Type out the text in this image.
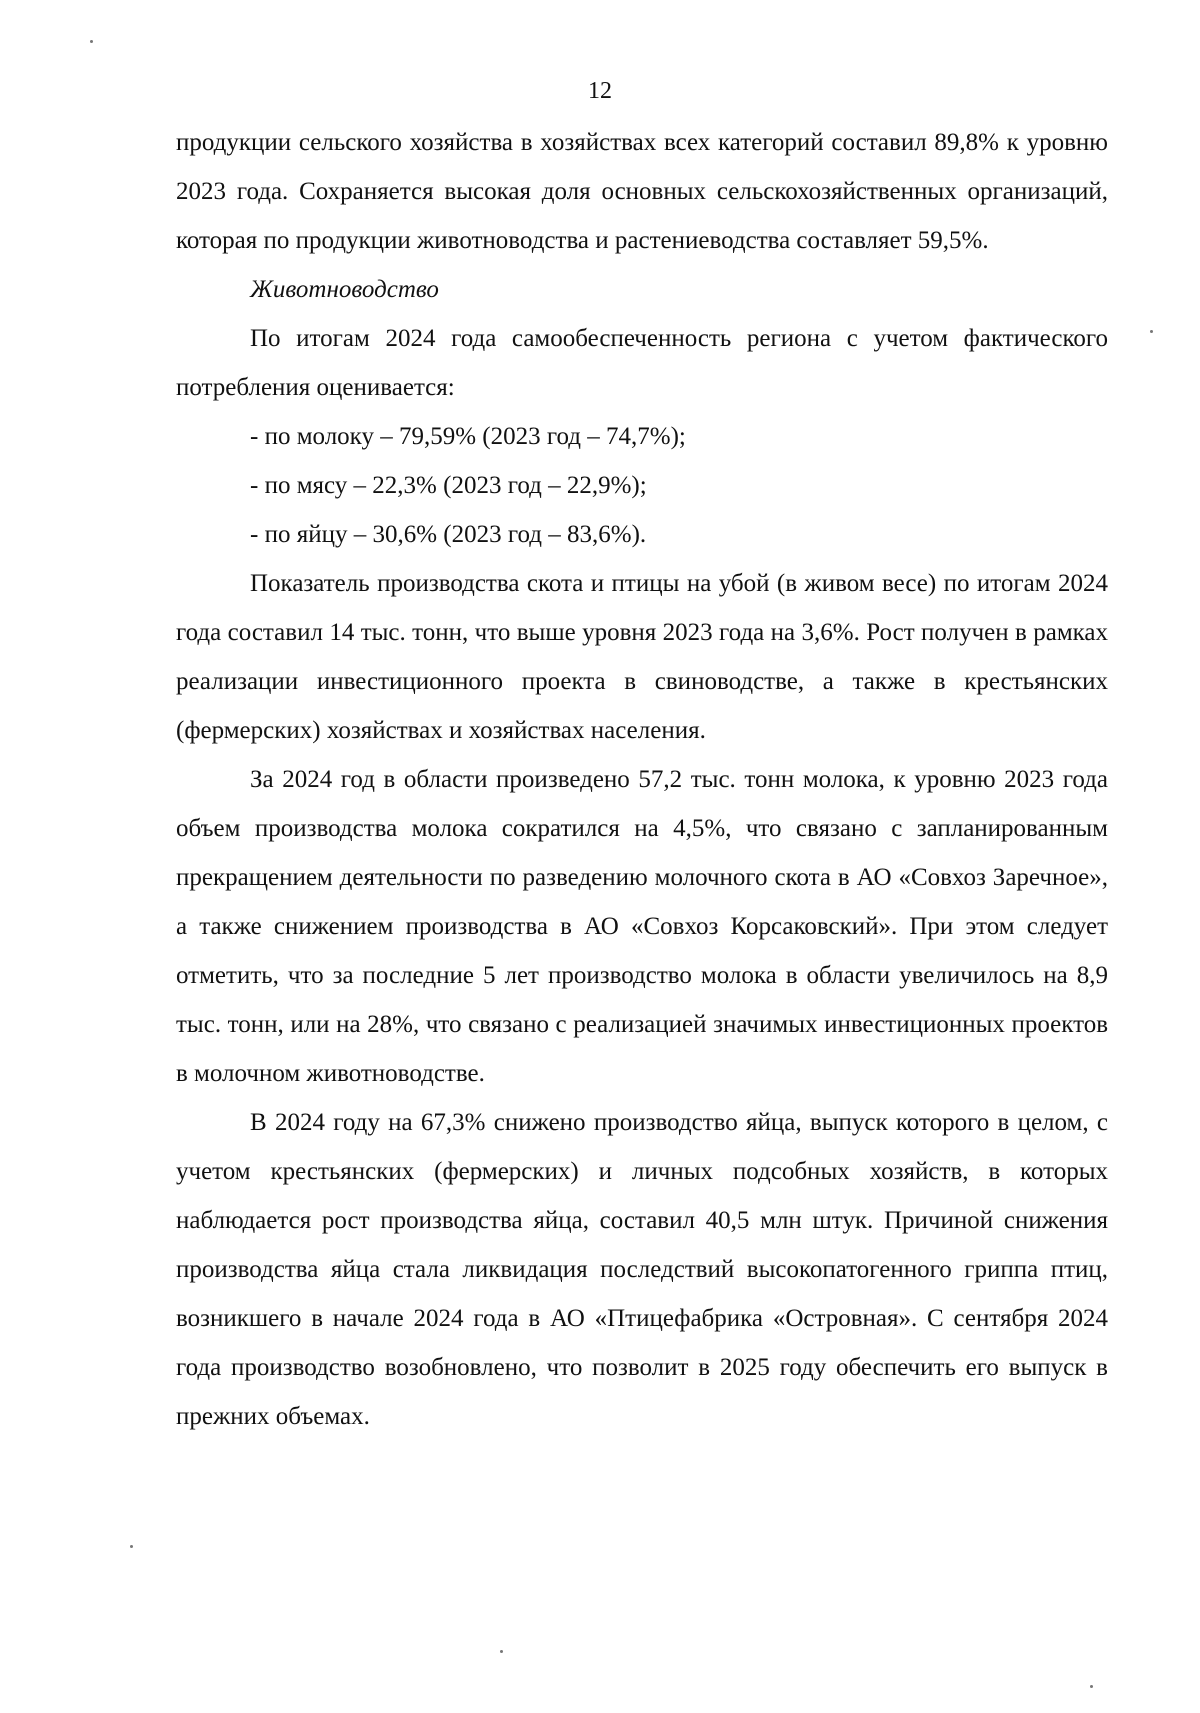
12

продукции сельского хозяйства в хозяйствах всех категорий составил 89,8% к уровню 2023 года. Сохраняется высокая доля основных сельскохозяйственных организаций, которая по продукции животноводства и растениеводства составляет 59,5%.

Животноводство

По итогам 2024 года самообеспеченность региона с учетом фактического потребления оценивается:

- по молоку – 79,59% (2023 год – 74,7%);

- по мясу – 22,3% (2023 год – 22,9%);

- по яйцу – 30,6% (2023 год – 83,6%).

Показатель производства скота и птицы на убой (в живом весе) по итогам 2024 года составил 14 тыс. тонн, что выше уровня 2023 года на 3,6%. Рост получен в рамках реализации инвестиционного проекта в свиноводстве, а также в крестьянских (фермерских) хозяйствах и хозяйствах населения.

За 2024 год в области произведено 57,2 тыс. тонн молока, к уровню 2023 года объем производства молока сократился на 4,5%, что связано с запланированным прекращением деятельности по разведению молочного скота в АО «Совхоз Заречное», а также снижением производства в АО «Совхоз Корсаковский». При этом следует отметить, что за последние 5 лет производство молока в области увеличилось на 8,9 тыс. тонн, или на 28%, что связано с реализацией значимых инвестиционных проектов в молочном животноводстве.

В 2024 году на 67,3% снижено производство яйца, выпуск которого в целом, с учетом крестьянских (фермерских) и личных подсобных хозяйств, в которых наблюдается рост производства яйца, составил 40,5 млн штук. Причиной снижения производства яйца стала ликвидация последствий высокопатогенного гриппа птиц, возникшего в начале 2024 года в АО «Птицефабрика «Островная». С сентября 2024 года производство возобновлено, что позволит в 2025 году обеспечить его выпуск в прежних объемах.
